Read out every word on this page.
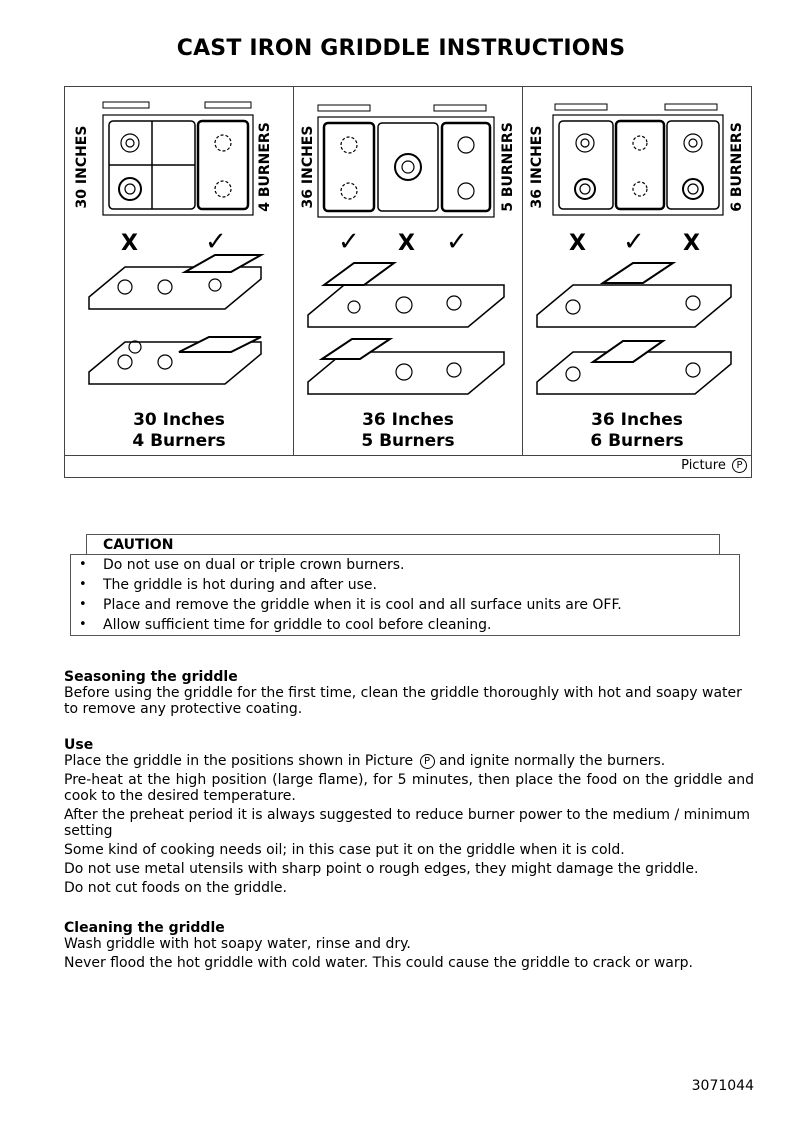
CAST IRON GRIDDLE INSTRUCTIONS
30 INCHES	4 BURNERS
X	✓
30 Inches
4 Burners
36 INCHES	5 BURNERS
✓ X ✓
36 Inches
5 Burners
36 INCHES	6 BURNERS
X ✓ X
36 Inches
6 Burners
Picture P
CAUTION
• Do not use on dual or triple crown burners.
• The griddle is hot during and after use.
• Place and remove the griddle when it is cool and all surface units are OFF.
• Allow sufficient time for griddle to cool before cleaning.
Seasoning the griddle
Before using the griddle for the first time, clean the griddle thoroughly with hot and soapy water to remove any protective coating.
Use
Place the griddle in the positions shown in Picture P and ignite normally the burners.
Pre-heat at the high position (large flame), for 5 minutes, then place the food on the griddle and cook to the desired temperature.
After the preheat period it is always suggested to reduce burner power to the medium / minimum setting
Some kind of cooking needs oil; in this case put it on the griddle when it is cold.
Do not use metal utensils with sharp point o rough edges, they might damage the griddle.
Do not cut foods on the griddle.
Cleaning the griddle
Wash griddle with hot soapy water, rinse and dry.
Never flood the hot griddle with cold water. This could cause the griddle to crack or warp.
3071044
